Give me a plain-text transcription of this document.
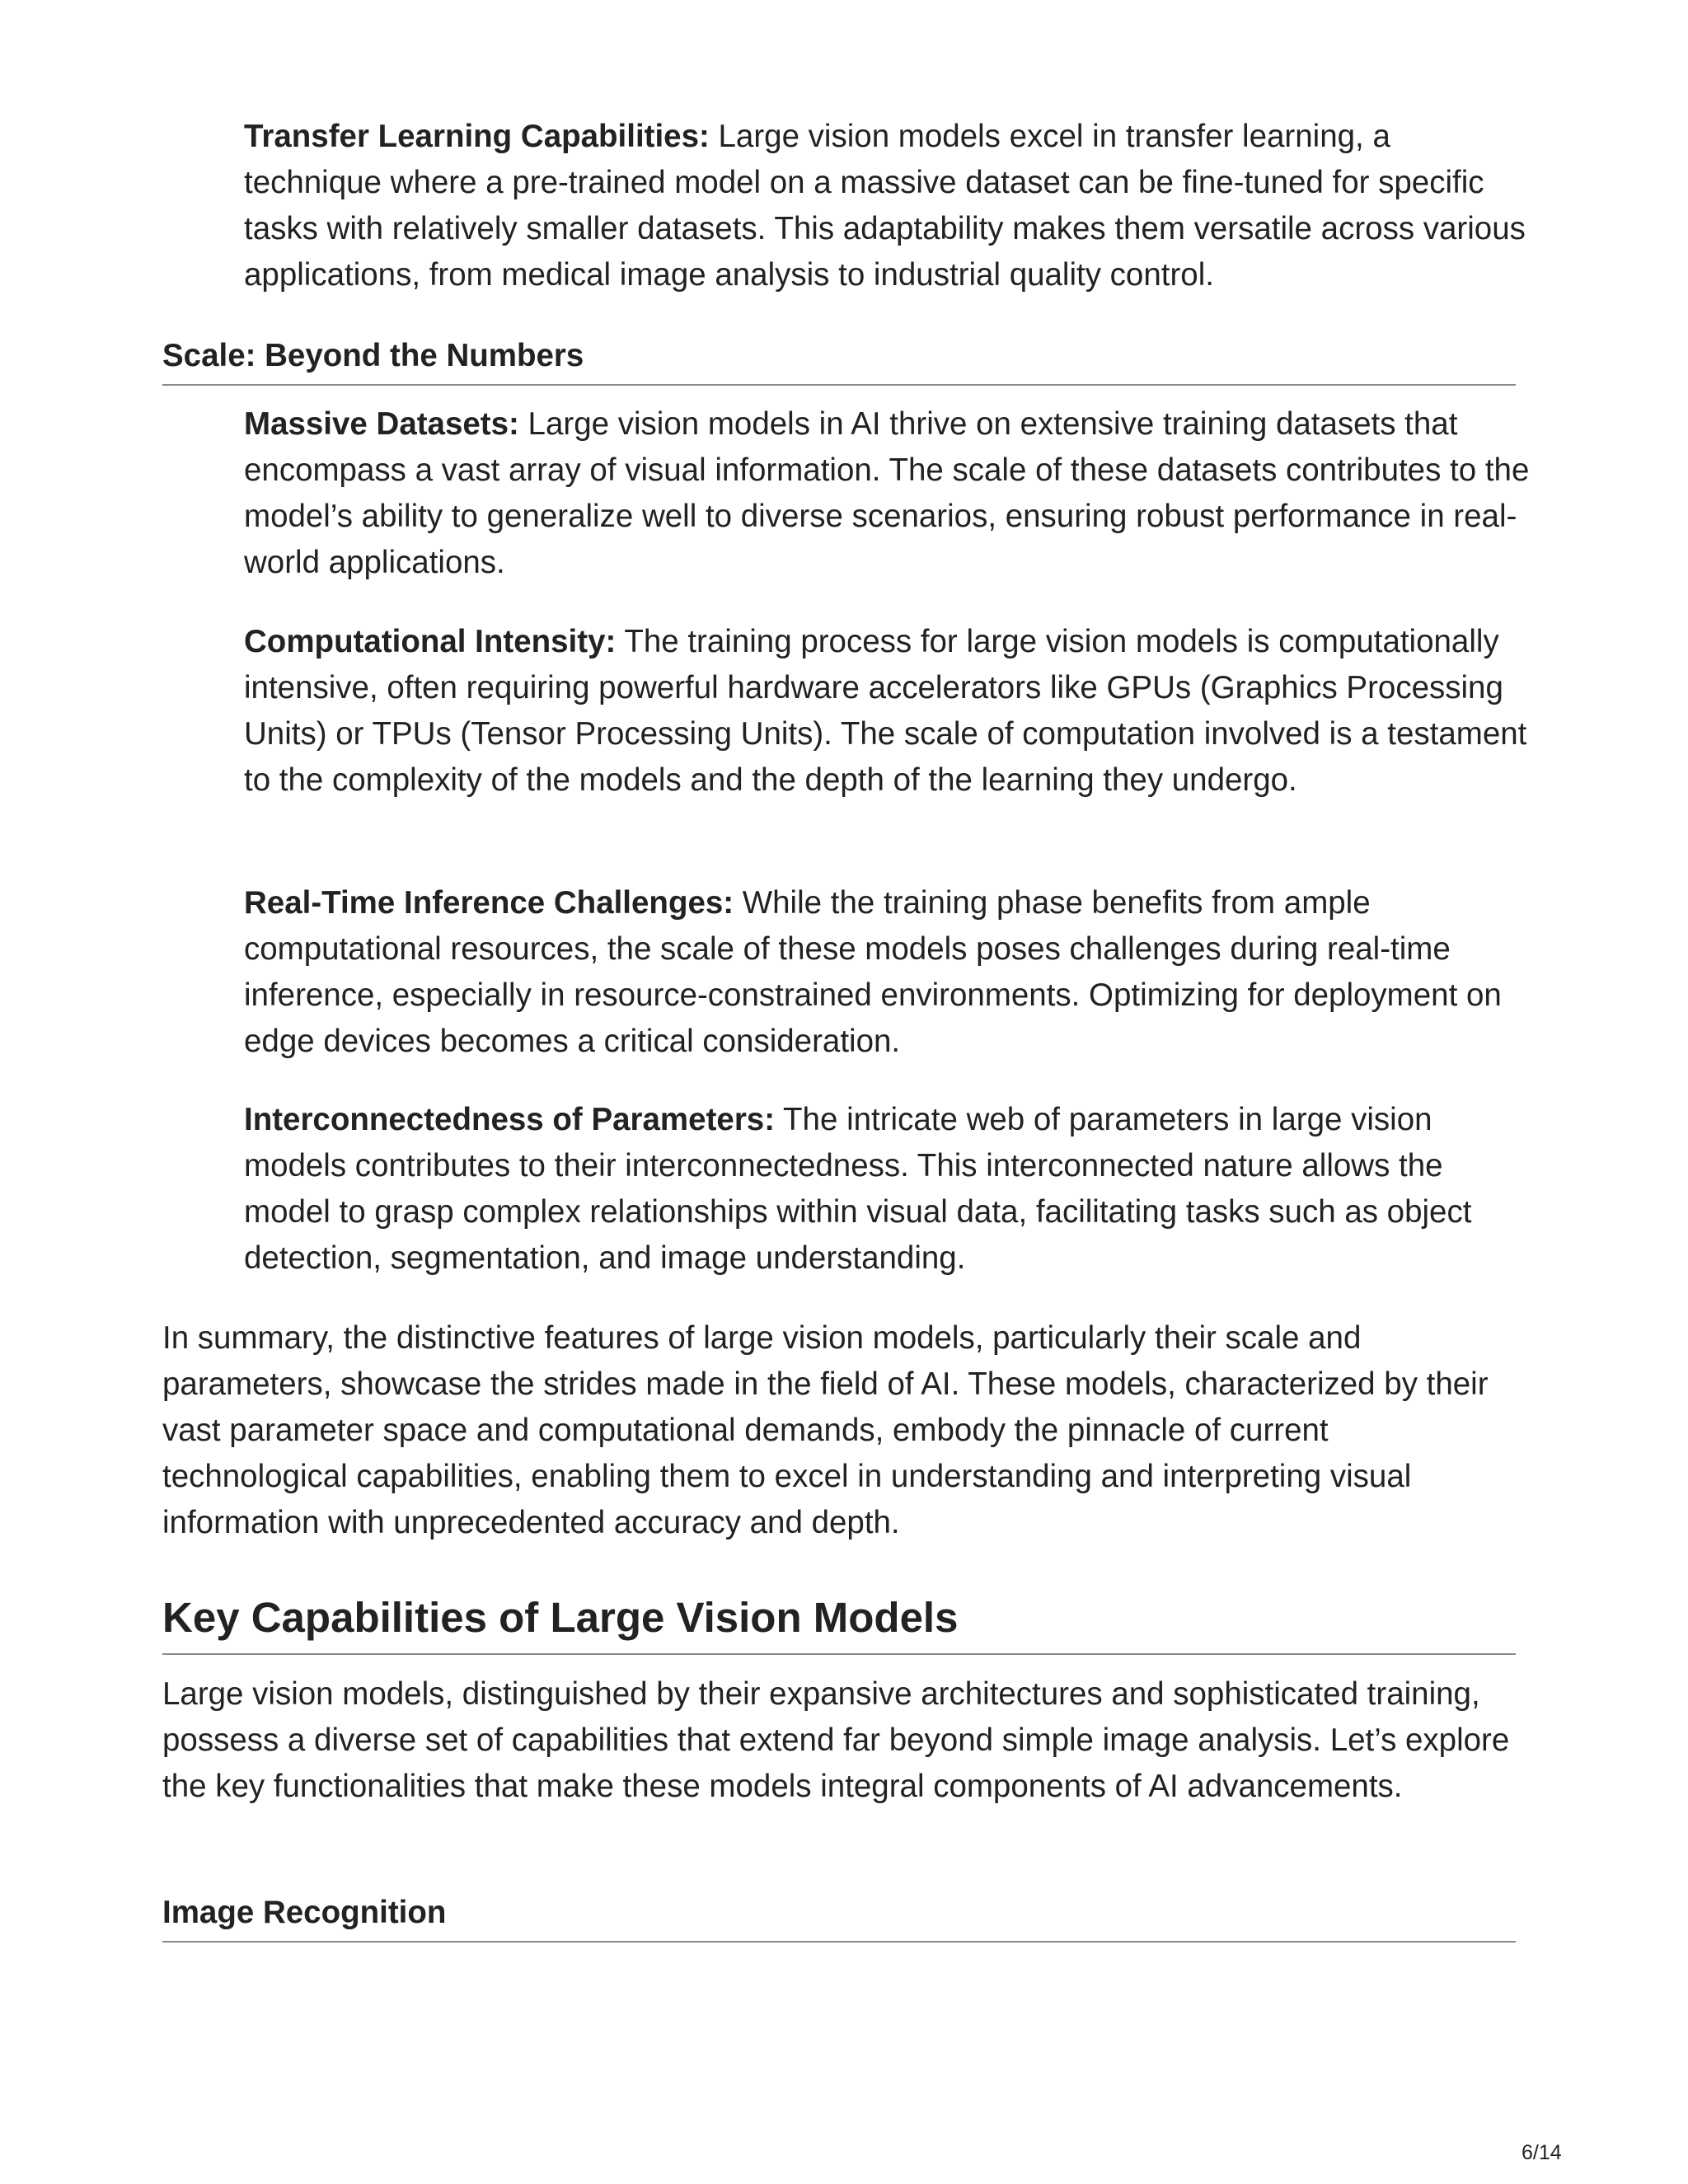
Transfer Learning Capabilities: Large vision models excel in transfer learning, a technique where a pre-trained model on a massive dataset can be fine-tuned for specific tasks with relatively smaller datasets. This adaptability makes them versatile across various applications, from medical image analysis to industrial quality control.

Scale: Beyond the Numbers

Massive Datasets: Large vision models in AI thrive on extensive training datasets that encompass a vast array of visual information. The scale of these datasets contributes to the model’s ability to generalize well to diverse scenarios, ensuring robust performance in real-world applications.

Computational Intensity: The training process for large vision models is computationally intensive, often requiring powerful hardware accelerators like GPUs (Graphics Processing Units) or TPUs (Tensor Processing Units). The scale of computation involved is a testament to the complexity of the models and the depth of the learning they undergo.

Real-Time Inference Challenges: While the training phase benefits from ample computational resources, the scale of these models poses challenges during real-time inference, especially in resource-constrained environments. Optimizing for deployment on edge devices becomes a critical consideration.

Interconnectedness of Parameters: The intricate web of parameters in large vision models contributes to their interconnectedness. This interconnected nature allows the model to grasp complex relationships within visual data, facilitating tasks such as object detection, segmentation, and image understanding.

In summary, the distinctive features of large vision models, particularly their scale and parameters, showcase the strides made in the field of AI. These models, characterized by their vast parameter space and computational demands, embody the pinnacle of current technological capabilities, enabling them to excel in understanding and interpreting visual information with unprecedented accuracy and depth.

Key Capabilities of Large Vision Models

Large vision models, distinguished by their expansive architectures and sophisticated training, possess a diverse set of capabilities that extend far beyond simple image analysis. Let’s explore the key functionalities that make these models integral components of AI advancements.

Image Recognition
6/14
